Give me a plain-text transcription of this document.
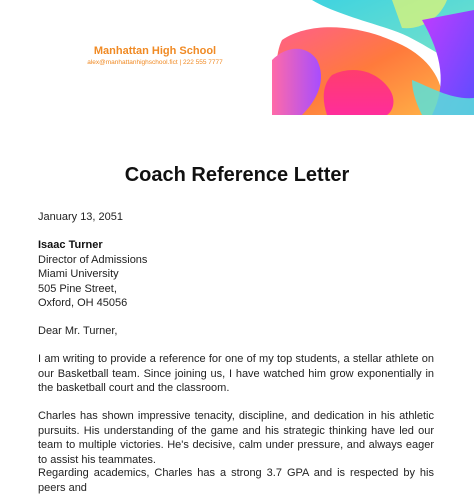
Manhattan High School
alex@manhattanhighschool.fict | 222 555 7777
Coach Reference Letter
January 13, 2051
Isaac Turner
Director of Admissions
Miami University
505 Pine Street,
Oxford, OH 45056
Dear Mr. Turner,
I am writing to provide a reference for one of my top students, a stellar athlete on our Basketball team. Since joining us, I have watched him grow exponentially in the basketball court and the classroom.
Charles has shown impressive tenacity, discipline, and dedication in his athletic pursuits. His understanding of the game and his strategic thinking have led our team to multiple victories. He's decisive, calm under pressure, and always eager to assist his teammates.
Regarding academics, Charles has a strong 3.7 GPA and is respected by his peers and
